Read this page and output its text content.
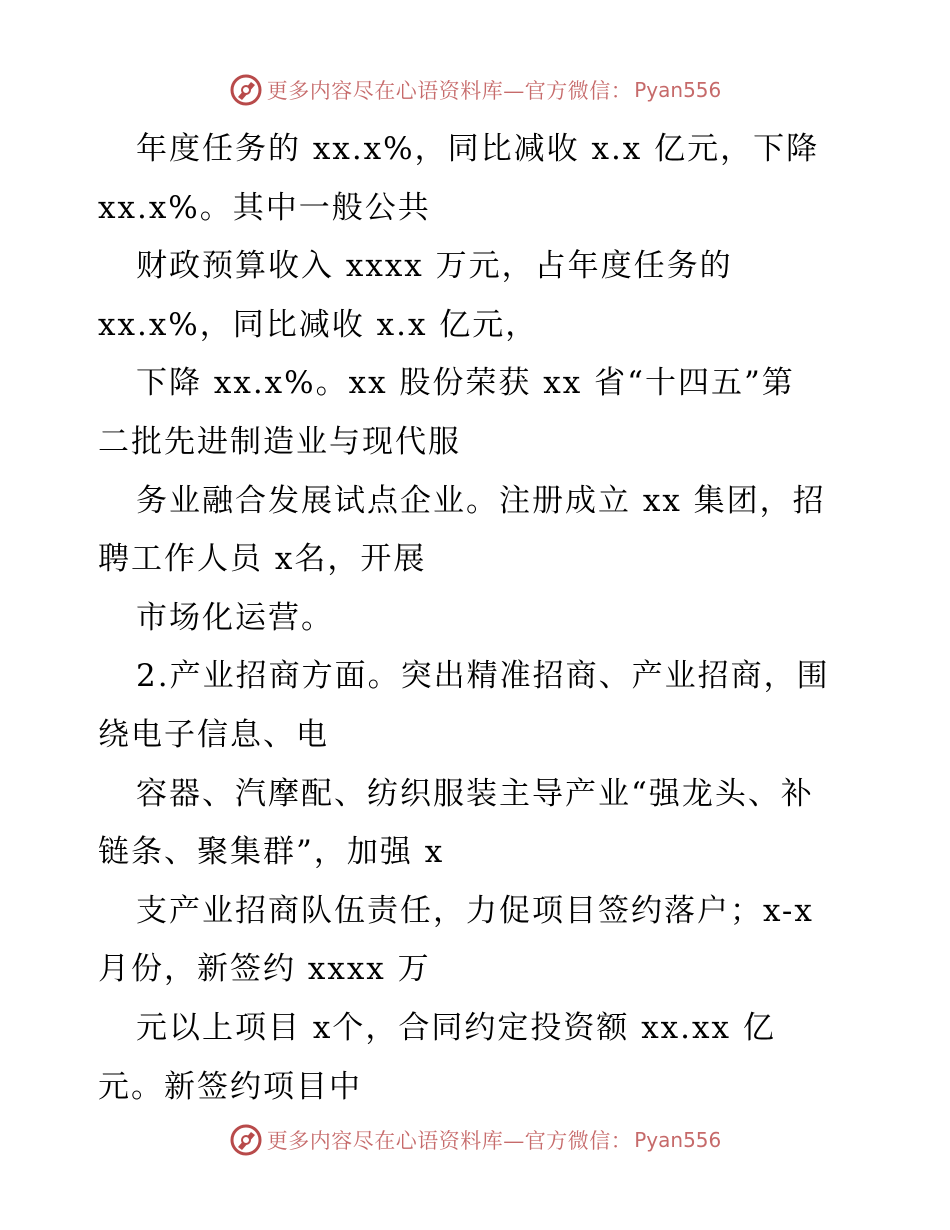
更多内容尽在心语资料库—官方微信： Pyan556
年度任务的 xx.x%，同比减收 x.x 亿元，下降
xx.x%。其中一般公共
财政预算收入 xxxx 万元，占年度任务的
xx.x%，同比减收 x.x 亿元，
下降 xx.x%。xx 股份荣获 xx 省“十四五”第
二批先进制造业与现代服
务业融合发展试点企业。注册成立 xx 集团，招
聘工作人员 x名，开展
市场化运营。
2.产业招商方面。突出精准招商、产业招商，围
绕电子信息、电
容器、汽摩配、纺织服装主导产业“强龙头、补
链条、聚集群”，加强 x
支产业招商队伍责任，力促项目签约落户；x-x
月份，新签约 xxxx 万
元以上项目 x个，合同约定投资额 xx.xx 亿
元。新签约项目中
更多内容尽在心语资料库—官方微信： Pyan556
